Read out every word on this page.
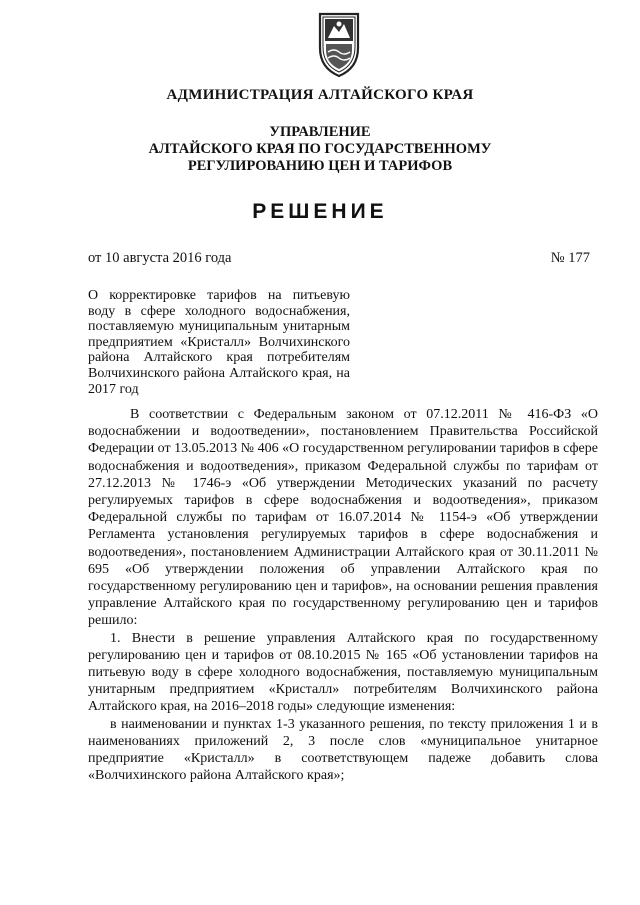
АДМИНИСТРАЦИЯ АЛТАЙСКОГО КРАЯ
УПРАВЛЕНИЕ
АЛТАЙСКОГО КРАЯ ПО ГОСУДАРСТВЕННОМУ
РЕГУЛИРОВАНИЮ ЦЕН И ТАРИФОВ
РЕШЕНИЕ
от 10 августа 2016 года	№ 177
О корректировке тарифов на питьевую воду в сфере холодного водоснабжения, поставляемую муниципальным унитарным предприятием «Кристалл» Волчихинского района Алтайского края потребителям Волчихинского района Алтайского края, на 2017 год

В соответствии с Федеральным законом от 07.12.2011 № 416-ФЗ «О водоснабжении и водоотведении», постановлением Правительства Российской Федерации от 13.05.2013 № 406 «О государственном регулировании тарифов в сфере водоснабжения и водоотведения», приказом Федеральной службы по тарифам от 27.12.2013 № 1746-э «Об утверждении Методических указаний по расчету регулируемых тарифов в сфере водоснабжения и водоотведения», приказом Федеральной службы по тарифам от 16.07.2014 № 1154-э «Об утверждении Регламента установления регулируемых тарифов в сфере водоснабжения и водоотведения», постановлением Администрации Алтайского края от 30.11.2011 № 695 «Об утверждении положения об управлении Алтайского края по государственному регулированию цен и тарифов», на основании решения правления управление Алтайского края по государственному регулированию цен и тарифов решило:

1. Внести в решение управления Алтайского края по государственному регулированию цен и тарифов от 08.10.2015 № 165 «Об установлении тарифов на питьевую воду в сфере холодного водоснабжения, поставляемую муниципальным унитарным предприятием «Кристалл» потребителям Волчихинского района Алтайского края, на 2016–2018 годы» следующие изменения:

в наименовании и пунктах 1-3 указанного решения, по тексту приложения 1 и в наименованиях приложений 2, 3 после слов «муниципальное унитарное предприятие «Кристалл» в соответствующем падеже добавить слова «Волчихинского района Алтайского края»;
